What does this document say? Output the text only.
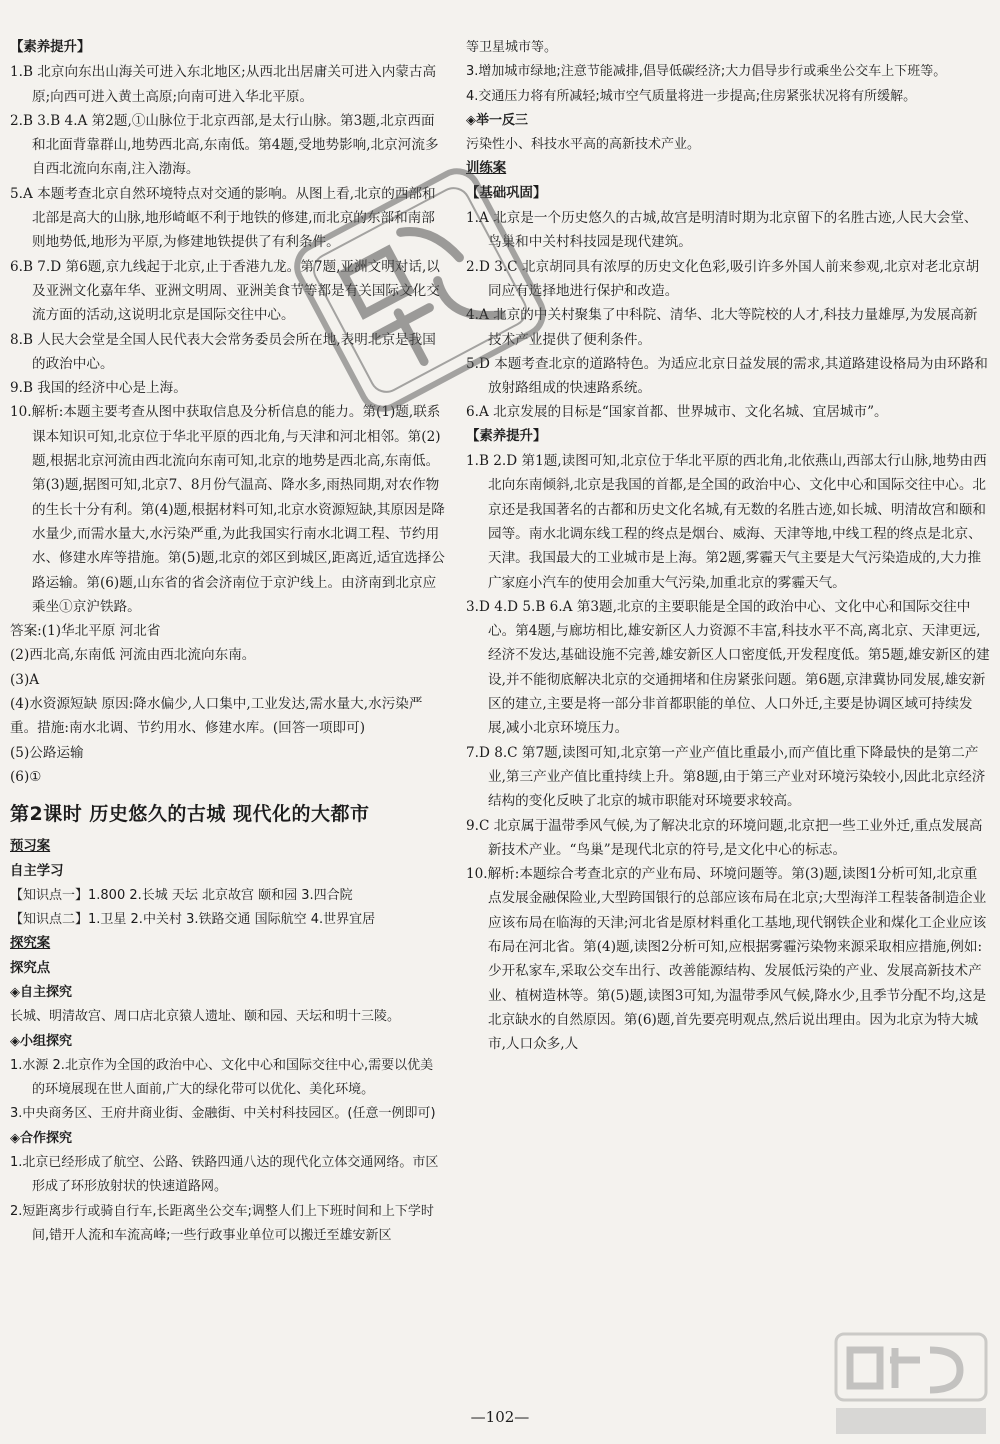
【素养提升】

1.B 北京向东出山海关可进入东北地区;从西北出居庸关可进入内蒙古高原;向西可进入黄土高原;向南可进入华北平原。

2.B 3.B 4.A 第2题,①山脉位于北京西部,是太行山脉。第3题,北京西面和北面背靠群山,地势西北高,东南低。第4题,受地势影响,北京河流多自西北流向东南,注入渤海。

5.A 本题考查北京自然环境特点对交通的影响。从图上看,北京的西部和北部是高大的山脉,地形崎岖不利于地铁的修建,而北京的东部和南部则地势低,地形为平原,为修建地铁提供了有利条件。

6.B 7.D 第6题,京九线起于北京,止于香港九龙。第7题,亚洲文明对话,以及亚洲文化嘉年华、亚洲文明周、亚洲美食节等都是有关国际文化交流方面的活动,这说明北京是国际交往中心。

8.B 人民大会堂是全国人民代表大会常务委员会所在地,表明北京是我国的政治中心。

9.B 我国的经济中心是上海。

10.解析:本题主要考查从图中获取信息及分析信息的能力。第(1)题,联系课本知识可知,北京位于华北平原的西北角,与天津和河北相邻。第(2)题,根据北京河流由西北流向东南可知,北京的地势是西北高,东南低。第(3)题,据图可知,北京7、8月份气温高、降水多,雨热同期,对农作物的生长十分有利。第(4)题,根据材料可知,北京水资源短缺,其原因是降水量少,而需水量大,水污染严重,为此我国实行南水北调工程、节约用水、修建水库等措施。第(5)题,北京的郊区到城区,距离近,适宜选择公路运输。第(6)题,山东省的省会济南位于京沪线上。由济南到北京应乘坐①京沪铁路。

答案:(1)华北平原 河北省

(2)西北高,东南低 河流由西北流向东南。

(3)A

(4)水资源短缺 原因:降水偏少,人口集中,工业发达,需水量大,水污染严重。措施:南水北调、节约用水、修建水库。(回答一项即可)

(5)公路运输

(6)①

第2课时 历史悠久的古城 现代化的大都市

预习案

自主学习

【知识点一】1.800 2.长城 天坛 北京故宫 颐和园 3.四合院

【知识点二】1.卫星 2.中关村 3.铁路交通 国际航空 4.世界宜居

探究案

探究点

◈自主探究

长城、明清故宫、周口店北京猿人遗址、颐和园、天坛和明十三陵。

◈小组探究

1.水源 2.北京作为全国的政治中心、文化中心和国际交往中心,需要以优美的环境展现在世人面前,广大的绿化带可以优化、美化环境。

3.中央商务区、王府井商业街、金融街、中关村科技园区。(任意一例即可)

◈合作探究

1.北京已经形成了航空、公路、铁路四通八达的现代化立体交通网络。市区形成了环形放射状的快速道路网。

2.短距离步行或骑自行车,长距离坐公交车;调整人们上下班时间和上下学时间,错开人流和车流高峰;一些行政事业单位可以搬迁至雄安新区

等卫星城市等。

3.增加城市绿地;注意节能减排,倡导低碳经济;大力倡导步行或乘坐公交车上下班等。

4.交通压力将有所减轻;城市空气质量将进一步提高;住房紧张状况将有所缓解。

◈举一反三

污染性小、科技水平高的高新技术产业。

训练案

【基础巩固】

1.A 北京是一个历史悠久的古城,故宫是明清时期为北京留下的名胜古迹,人民大会堂、鸟巢和中关村科技园是现代建筑。

2.D 3.C 北京胡同具有浓厚的历史文化色彩,吸引许多外国人前来参观,北京对老北京胡同应有选择地进行保护和改造。

4.A 北京的中关村聚集了中科院、清华、北大等院校的人才,科技力量雄厚,为发展高新技术产业提供了便利条件。

5.D 本题考查北京的道路特色。为适应北京日益发展的需求,其道路建设格局为由环路和放射路组成的快速路系统。

6.A 北京发展的目标是“国家首都、世界城市、文化名城、宜居城市”。

【素养提升】

1.B 2.D 第1题,读图可知,北京位于华北平原的西北角,北依燕山,西部太行山脉,地势由西北向东南倾斜,北京是我国的首都,是全国的政治中心、文化中心和国际交往中心。北京还是我国著名的古都和历史文化名城,有无数的名胜古迹,如长城、明清故宫和颐和园等。南水北调东线工程的终点是烟台、威海、天津等地,中线工程的终点是北京、天津。我国最大的工业城市是上海。第2题,雾霾天气主要是大气污染造成的,大力推广家庭小汽车的使用会加重大气污染,加重北京的雾霾天气。

3.D 4.D 5.B 6.A 第3题,北京的主要职能是全国的政治中心、文化中心和国际交往中心。第4题,与廊坊相比,雄安新区人力资源不丰富,科技水平不高,离北京、天津更远,经济不发达,基础设施不完善,雄安新区人口密度低,开发程度低。第5题,雄安新区的建设,并不能彻底解决北京的交通拥堵和住房紧张问题。第6题,京津冀协同发展,雄安新区的建立,主要是将一部分非首都职能的单位、人口外迁,主要是协调区域可持续发展,减小北京环境压力。

7.D 8.C 第7题,读图可知,北京第一产业产值比重最小,而产值比重下降最快的是第二产业,第三产业产值比重持续上升。第8题,由于第三产业对环境污染较小,因此北京经济结构的变化反映了北京的城市职能对环境要求较高。

9.C 北京属于温带季风气候,为了解决北京的环境问题,北京把一些工业外迁,重点发展高新技术产业。“鸟巢”是现代北京的符号,是文化中心的标志。

10.解析:本题综合考查北京的产业布局、环境问题等。第(3)题,读图1分析可知,北京重点发展金融保险业,大型跨国银行的总部应该布局在北京;大型海洋工程装备制造企业应该布局在临海的天津;河北省是原材料重化工基地,现代钢铁企业和煤化工企业应该布局在河北省。第(4)题,读图2分析可知,应根据雾霾污染物来源采取相应措施,例如:少开私家车,采取公交车出行、改善能源结构、发展低污染的产业、发展高新技术产业、植树造林等。第(5)题,读图3可知,为温带季风气候,降水少,且季节分配不均,这是北京缺水的自然原因。第(6)题,首先要亮明观点,然后说出理由。因为北京为特大城市,人口众多,人

—102—
